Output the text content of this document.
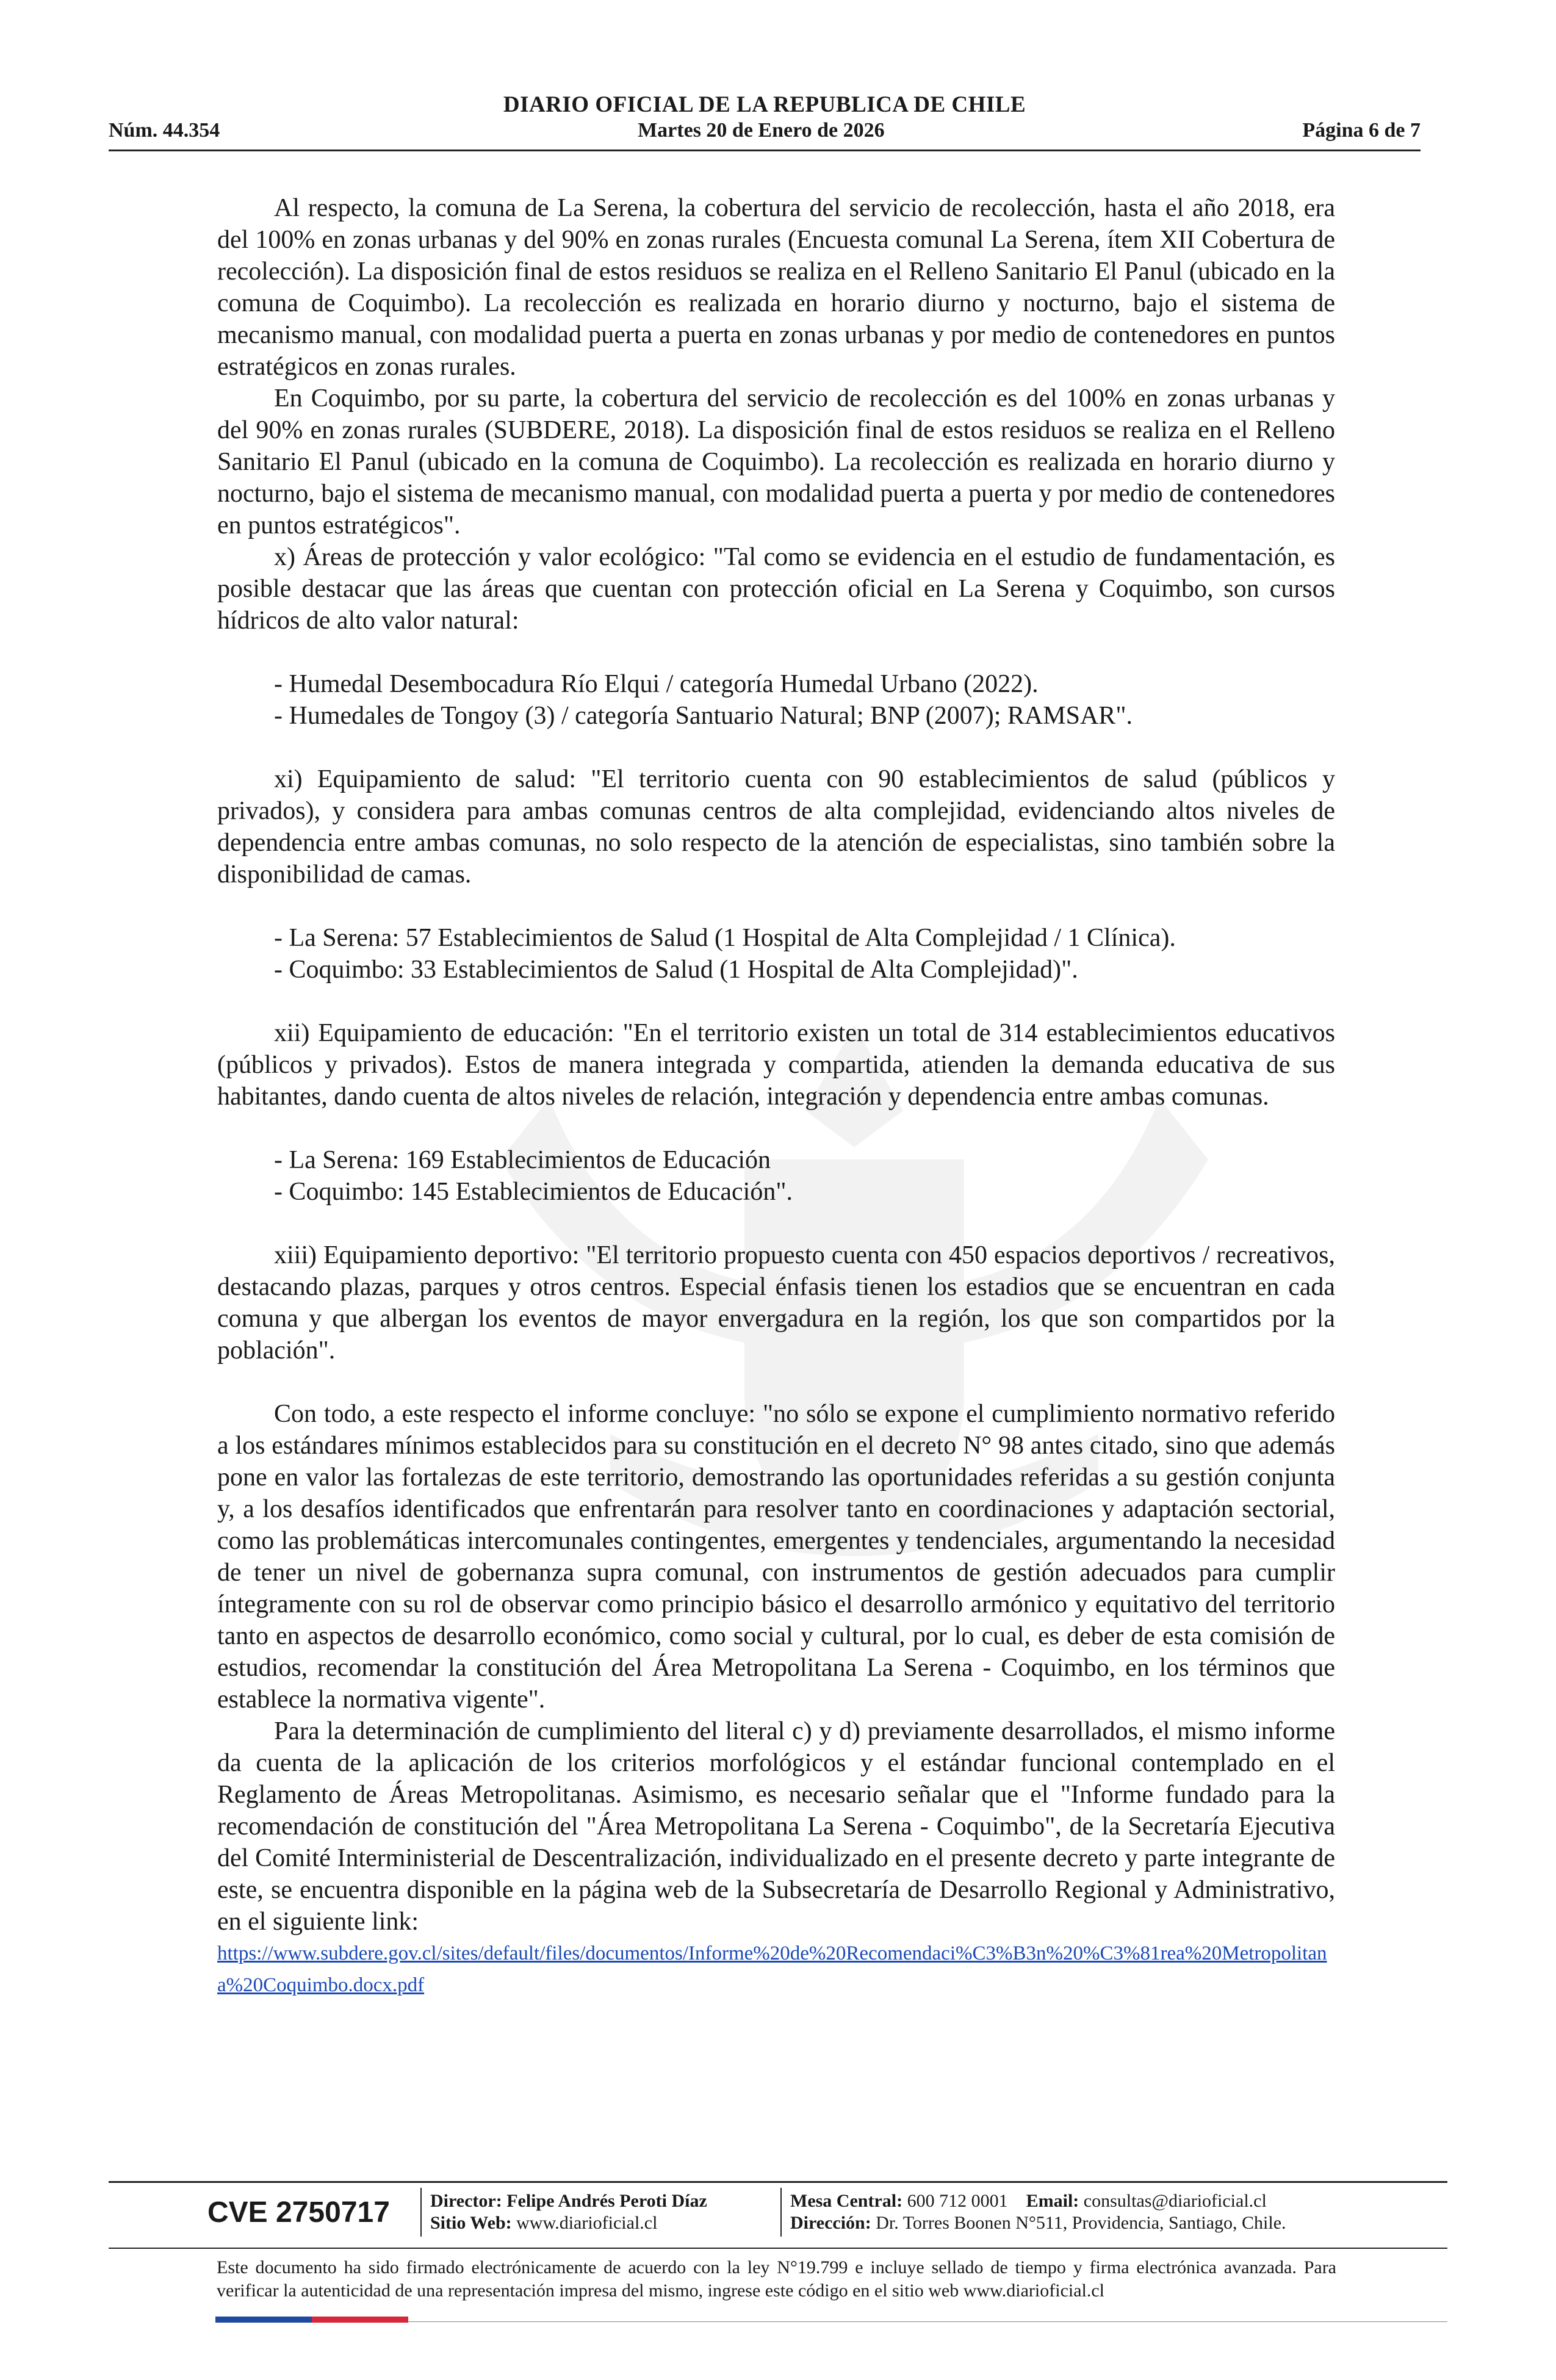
DIARIO OFICIAL DE LA REPUBLICA DE CHILE
Núm. 44.354	Martes 20 de Enero de 2026	Página 6 de 7

Al respecto, la comuna de La Serena, la cobertura del servicio de recolección, hasta el año 2018, era del 100% en zonas urbanas y del 90% en zonas rurales (Encuesta comunal La Serena, ítem XII Cobertura de recolección). La disposición final de estos residuos se realiza en el Relleno Sanitario El Panul (ubicado en la comuna de Coquimbo). La recolección es realizada en horario diurno y nocturno, bajo el sistema de mecanismo manual, con modalidad puerta a puerta en zonas urbanas y por medio de contenedores en puntos estratégicos en zonas rurales.

En Coquimbo, por su parte, la cobertura del servicio de recolección es del 100% en zonas urbanas y del 90% en zonas rurales (SUBDERE, 2018). La disposición final de estos residuos se realiza en el Relleno Sanitario El Panul (ubicado en la comuna de Coquimbo). La recolección es realizada en horario diurno y nocturno, bajo el sistema de mecanismo manual, con modalidad puerta a puerta y por medio de contenedores en puntos estratégicos".

x) Áreas de protección y valor ecológico: "Tal como se evidencia en el estudio de fundamentación, es posible destacar que las áreas que cuentan con protección oficial en La Serena y Coquimbo, son cursos hídricos de alto valor natural:

- Humedal Desembocadura Río Elqui / categoría Humedal Urbano (2022).

- Humedales de Tongoy (3) / categoría Santuario Natural; BNP (2007); RAMSAR".

xi) Equipamiento de salud: "El territorio cuenta con 90 establecimientos de salud (públicos y privados), y considera para ambas comunas centros de alta complejidad, evidenciando altos niveles de dependencia entre ambas comunas, no solo respecto de la atención de especialistas, sino también sobre la disponibilidad de camas.

- La Serena: 57 Establecimientos de Salud (1 Hospital de Alta Complejidad / 1 Clínica).

- Coquimbo: 33 Establecimientos de Salud (1 Hospital de Alta Complejidad)".

xii) Equipamiento de educación: "En el territorio existen un total de 314 establecimientos educativos (públicos y privados). Estos de manera integrada y compartida, atienden la demanda educativa de sus habitantes, dando cuenta de altos niveles de relación, integración y dependencia entre ambas comunas.

- La Serena: 169 Establecimientos de Educación

- Coquimbo: 145 Establecimientos de Educación".

xiii) Equipamiento deportivo: "El territorio propuesto cuenta con 450 espacios deportivos / recreativos, destacando plazas, parques y otros centros. Especial énfasis tienen los estadios que se encuentran en cada comuna y que albergan los eventos de mayor envergadura en la región, los que son compartidos por la población".

Con todo, a este respecto el informe concluye: "no sólo se expone el cumplimiento normativo referido a los estándares mínimos establecidos para su constitución en el decreto N° 98 antes citado, sino que además pone en valor las fortalezas de este territorio, demostrando las oportunidades referidas a su gestión conjunta y, a los desafíos identificados que enfrentarán para resolver tanto en coordinaciones y adaptación sectorial, como las problemáticas intercomunales contingentes, emergentes y tendenciales, argumentando la necesidad de tener un nivel de gobernanza supra comunal, con instrumentos de gestión adecuados para cumplir íntegramente con su rol de observar como principio básico el desarrollo armónico y equitativo del territorio tanto en aspectos de desarrollo económico, como social y cultural, por lo cual, es deber de esta comisión de estudios, recomendar la constitución del Área Metropolitana La Serena - Coquimbo, en los términos que establece la normativa vigente".

Para la determinación de cumplimiento del literal c) y d) previamente desarrollados, el mismo informe da cuenta de la aplicación de los criterios morfológicos y el estándar funcional contemplado en el Reglamento de Áreas Metropolitanas. Asimismo, es necesario señalar que el "Informe fundado para la recomendación de constitución del "Área Metropolitana La Serena - Coquimbo", de la Secretaría Ejecutiva del Comité Interministerial de Descentralización, individualizado en el presente decreto y parte integrante de este, se encuentra disponible en la página web de la Subsecretaría de Desarrollo Regional y Administrativo, en el siguiente link:

https://www.subdere.gov.cl/sites/default/files/documentos/Informe%20de%20Recomendaci%C3%B3n%20%C3%81rea%20Metropolitana%20Coquimbo.docx.pdf
CVE 2750717	Director: Felipe Andrés Peroti Díaz
Sitio Web: www.diarioficial.cl
Mesa Central: 600 712 0001 Email: consultas@diarioficial.cl
Dirección: Dr. Torres Boonen N°511, Providencia, Santiago, Chile.
Este documento ha sido firmado electrónicamente de acuerdo con la ley N°19.799 e incluye sellado de tiempo y firma electrónica avanzada. Para verificar la autenticidad de una representación impresa del mismo, ingrese este código en el sitio web www.diarioficial.cl
